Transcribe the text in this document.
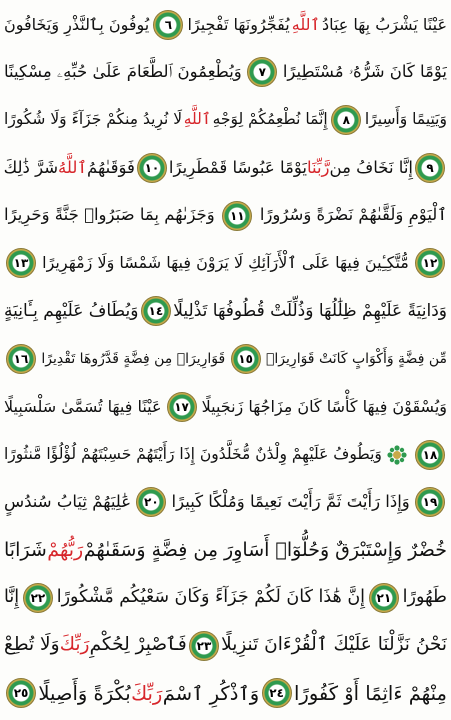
عَيْنًا يَشْرَبُ بِهَا عِبَادُ
ٱللَّهِ
يُفَجِّرُونَهَا تَفْجِيرًا
٦
يُوفُونَ بِٱلنَّذْرِ وَيَخَافُونَ
يَوْمًا كَانَ شَرُّهُۥ مُسْتَطِيرًا
٧
وَيُطْعِمُونَ ٱلطَّعَامَ عَلَىٰ حُبِّهِۦ مِسْكِينًا
وَيَتِيمًا وَأَسِيرًا
٨
إِنَّمَا نُطْعِمُكُمْ لِوَجْهِ
ٱللَّهِ
لَا نُرِيدُ مِنكُمْ جَزَآءً وَلَا شُكُورًا
٩
إِنَّا نَخَافُ مِن
رَّبِّنَا
يَوْمًا عَبُوسًا قَمْطَرِيرًا
١٠
فَوَقَىٰهُمُ
ٱللَّهُ
شَرَّ ذَٰلِكَ
ٱلْيَوْمِ وَلَقَّىٰهُمْ نَضْرَةً وَسُرُورًا
١١
وَجَزَىٰهُم بِمَا صَبَرُوا۟ جَنَّةً وَحَرِيرًا
١٢
مُّتَّكِـِٔينَ فِيهَا عَلَى ٱلْأَرَآئِكِ لَا يَرَوْنَ فِيهَا شَمْسًا وَلَا زَمْهَرِيرًا
١٣
وَدَانِيَةً عَلَيْهِمْ ظِلَٰلُهَا وَذُلِّلَتْ قُطُوفُهَا تَذْلِيلًا
١٤
وَيُطَافُ عَلَيْهِم بِـَٔانِيَةٍ
مِّن فِضَّةٍ وَأَكْوَابٍ كَانَتْ قَوَارِيرَا۠
١٥
قَوَارِيرَا۟ مِن فِضَّةٍ قَدَّرُوهَا تَقْدِيرًا
١٦
وَيُسْقَوْنَ فِيهَا كَأْسًا كَانَ مِزَاجُهَا زَنجَبِيلًا
١٧
عَيْنًا فِيهَا تُسَمَّىٰ سَلْسَبِيلًا
١٨
وَيَطُوفُ عَلَيْهِمْ وِلْدَٰنٌ مُّخَلَّدُونَ إِذَا رَأَيْتَهُمْ حَسِبْتَهُمْ لُؤْلُؤًا مَّنثُورًا
١٩
وَإِذَا رَأَيْتَ ثَمَّ رَأَيْتَ نَعِيمًا وَمُلْكًا كَبِيرًا
٢٠
عَٰلِيَهُمْ ثِيَابُ سُندُسٍ
خُضْرٌ وَإِسْتَبْرَقٌ وَحُلُّوٓا۟ أَسَاوِرَ مِن فِضَّةٍ وَسَقَىٰهُمْ
رَبُّهُمْ
شَرَابًا
طَهُورًا
٢١
إِنَّ هَٰذَا كَانَ لَكُمْ جَزَآءً وَكَانَ سَعْيُكُم مَّشْكُورًا
٢٢
إِنَّا
نَحْنُ نَزَّلْنَا عَلَيْكَ ٱلْقُرْءَانَ تَنزِيلًا
٢٣
فَٱصْبِرْ لِحُكْمِ
رَبِّكَ
وَلَا تُطِعْ
مِنْهُمْ ءَاثِمًا أَوْ كَفُورًا
٢٤
وَٱذْكُرِ ٱسْمَ
رَبِّكَ
بُكْرَةً وَأَصِيلًا
٢٥
